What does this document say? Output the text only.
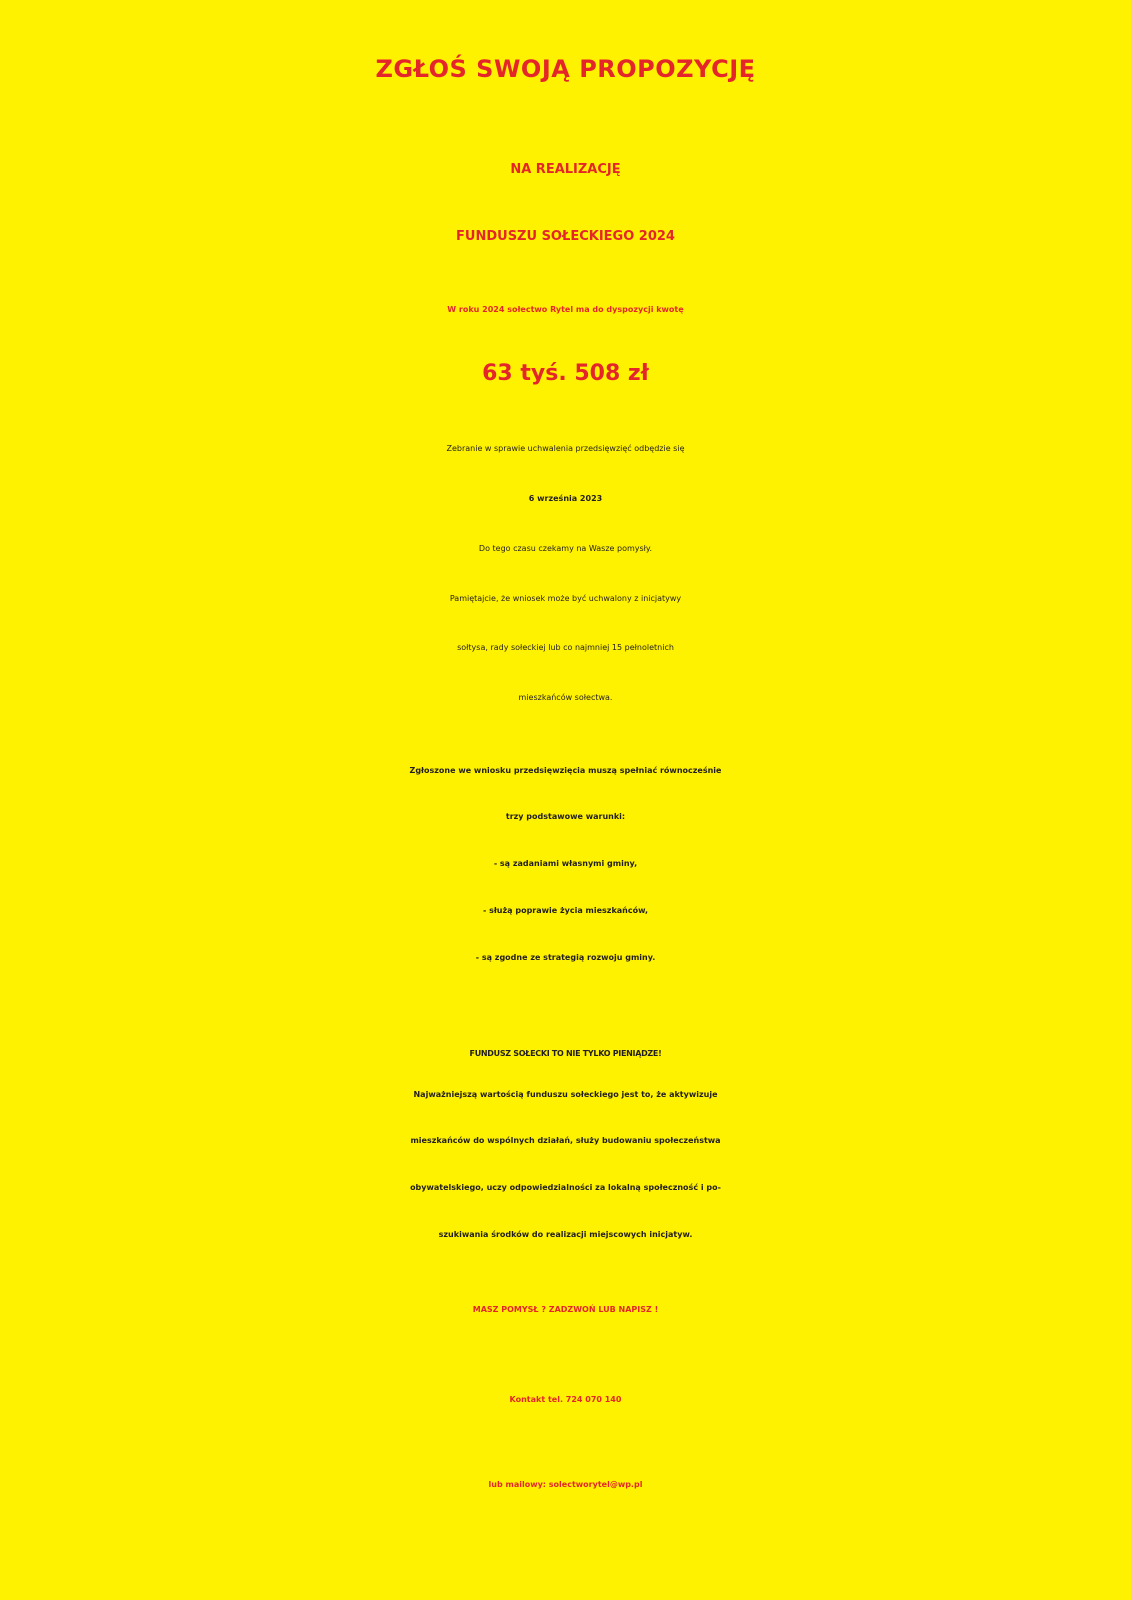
ZGŁOŚ SWOJĄ PROPOZYCJĘ
NA REALIZACJĘ
FUNDUSZU SOŁECKIEGO 2024
W roku 2024 sołectwo Rytel ma do dyspozycji kwotę
63 tyś. 508 zł
Zebranie w sprawie uchwalenia przedsięwzięć odbędzie się
6 września 2023
Do tego czasu czekamy na Wasze pomysły.
Pamiętajcie, że wniosek może być uchwalony z inicjatywy
sołtysa, rady sołeckiej lub co najmniej 15 pełnoletnich
mieszkańców sołectwa.
Zgłoszone we wniosku przedsięwzięcia muszą spełniać równocześnie
trzy podstawowe warunki:
- są zadaniami własnymi gminy,
- służą poprawie życia mieszkańców,
- są zgodne ze strategią rozwoju gminy.
FUNDUSZ SOŁECKI TO NIE TYLKO PIENIĄDZE!
Najważniejszą wartością funduszu sołeckiego jest to, że aktywizuje
mieszkańców do wspólnych działań, służy budowaniu społeczeństwa
obywatelskiego, uczy odpowiedzialności za lokalną społeczność i po-
szukiwania środków do realizacji miejscowych inicjatyw.
MASZ POMYSŁ ? ZADZWOŃ LUB NAPISZ !
Kontakt tel. 724 070 140
lub mailowy: solectworytel@wp.pl
